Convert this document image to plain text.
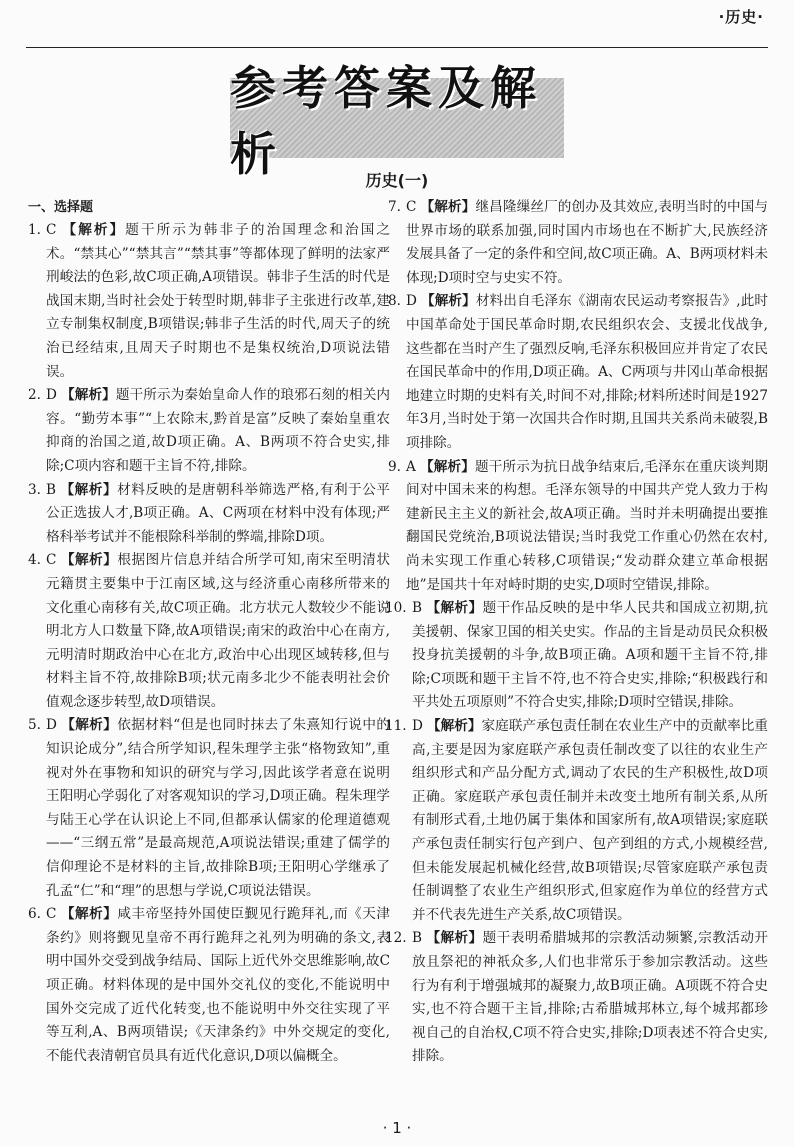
·历史·
参考答案及解析	历史(一)
一、选择题

1. C 【解析】题干所示为韩非子的治国理念和治国之术。“禁其心”“禁其言”“禁其事”等都体现了鲜明的法家严刑峻法的色彩,故C项正确,A项错误。韩非子生活的时代是战国末期,当时社会处于转型时期,韩非子主张进行改革,建立专制集权制度,B项错误;韩非子生活的时代,周天子的统治已经结束,且周天子时期也不是集权统治,D项说法错误。

2. D 【解析】题干所示为秦始皇命人作的琅邪石刻的相关内容。“勤劳本事”“上农除末,黔首是富”反映了秦始皇重农抑商的治国之道,故D项正确。A、B两项不符合史实,排除;C项内容和题干主旨不符,排除。

3. B 【解析】材料反映的是唐朝科举筛选严格,有利于公平公正选拔人才,B项正确。A、C两项在材料中没有体现;严格科举考试并不能根除科举制的弊端,排除D项。

4. C 【解析】根据图片信息并结合所学可知,南宋至明清状元籍贯主要集中于江南区域,这与经济重心南移所带来的文化重心南移有关,故C项正确。北方状元人数较少不能说明北方人口数量下降,故A项错误;南宋的政治中心在南方,元明清时期政治中心在北方,政治中心出现区域转移,但与材料主旨不符,故排除B项;状元南多北少不能表明社会价值观念逐步转型,故D项错误。

5. D 【解析】依据材料“但是也同时抹去了朱熹知行说中的知识论成分”,结合所学知识,程朱理学主张“格物致知”,重视对外在事物和知识的研究与学习,因此该学者意在说明王阳明心学弱化了对客观知识的学习,D项正确。程朱理学与陆王心学在认识论上不同,但都承认儒家的伦理道德观——“三纲五常”是最高规范,A项说法错误;重建了儒学的信仰理论不是材料的主旨,故排除B项;王阳明心学继承了孔孟“仁”和“理”的思想与学说,C项说法错误。

6. C 【解析】咸丰帝坚持外国使臣觐见行跪拜礼,而《天津条约》则将觐见皇帝不再行跪拜之礼列为明确的条文,表明中国外交受到战争结局、国际上近代外交思维影响,故C项正确。材料体现的是中国外交礼仪的变化,不能说明中国外交完成了近代化转变,也不能说明中外交往实现了平等互利,A、B两项错误;《天津条约》中外交规定的变化,不能代表清朝官员具有近代化意识,D项以偏概全。

7. C 【解析】继昌隆缫丝厂的创办及其效应,表明当时的中国与世界市场的联系加强,同时国内市场也在不断扩大,民族经济发展具备了一定的条件和空间,故C项正确。A、B两项材料未体现;D项时空与史实不符。

8. D 【解析】材料出自毛泽东《湖南农民运动考察报告》,此时中国革命处于国民革命时期,农民组织农会、支援北伐战争,这些都在当时产生了强烈反响,毛泽东积极回应并肯定了农民在国民革命中的作用,D项正确。A、C两项与井冈山革命根据地建立时期的史料有关,时间不对,排除;材料所述时间是1927年3月,当时处于第一次国共合作时期,且国共关系尚未破裂,B项排除。

9. A 【解析】题干所示为抗日战争结束后,毛泽东在重庆谈判期间对中国未来的构想。毛泽东领导的中国共产党人致力于构建新民主主义的新社会,故A项正确。当时并未明确提出要推翻国民党统治,B项说法错误;当时我党工作重心仍然在农村,尚未实现工作重心转移,C项错误;“发动群众建立革命根据地”是国共十年对峙时期的史实,D项时空错误,排除。

10. B 【解析】题干作品反映的是中华人民共和国成立初期,抗美援朝、保家卫国的相关史实。作品的主旨是动员民众积极投身抗美援朝的斗争,故B项正确。A项和题干主旨不符,排除;C项既和题干主旨不符,也不符合史实,排除;“积极践行和平共处五项原则”不符合史实,排除;D项时空错误,排除。

11. D 【解析】家庭联产承包责任制在农业生产中的贡献率比重高,主要是因为家庭联产承包责任制改变了以往的农业生产组织形式和产品分配方式,调动了农民的生产积极性,故D项正确。家庭联产承包责任制并未改变土地所有制关系,从所有制形式看,土地仍属于集体和国家所有,故A项错误;家庭联产承包责任制实行包产到户、包产到组的方式,小规模经营,但未能发展起机械化经营,故B项错误;尽管家庭联产承包责任制调整了农业生产组织形式,但家庭作为单位的经营方式并不代表先进生产关系,故C项错误。

12. B 【解析】题干表明希腊城邦的宗教活动频繁,宗教活动开放且祭祀的神祇众多,人们也非常乐于参加宗教活动。这些行为有利于增强城邦的凝聚力,故B项正确。A项既不符合史实,也不符合题干主旨,排除;古希腊城邦林立,每个城邦都珍视自己的自治权,C项不符合史实,排除;D项表述不符合史实,排除。

· 1 ·
